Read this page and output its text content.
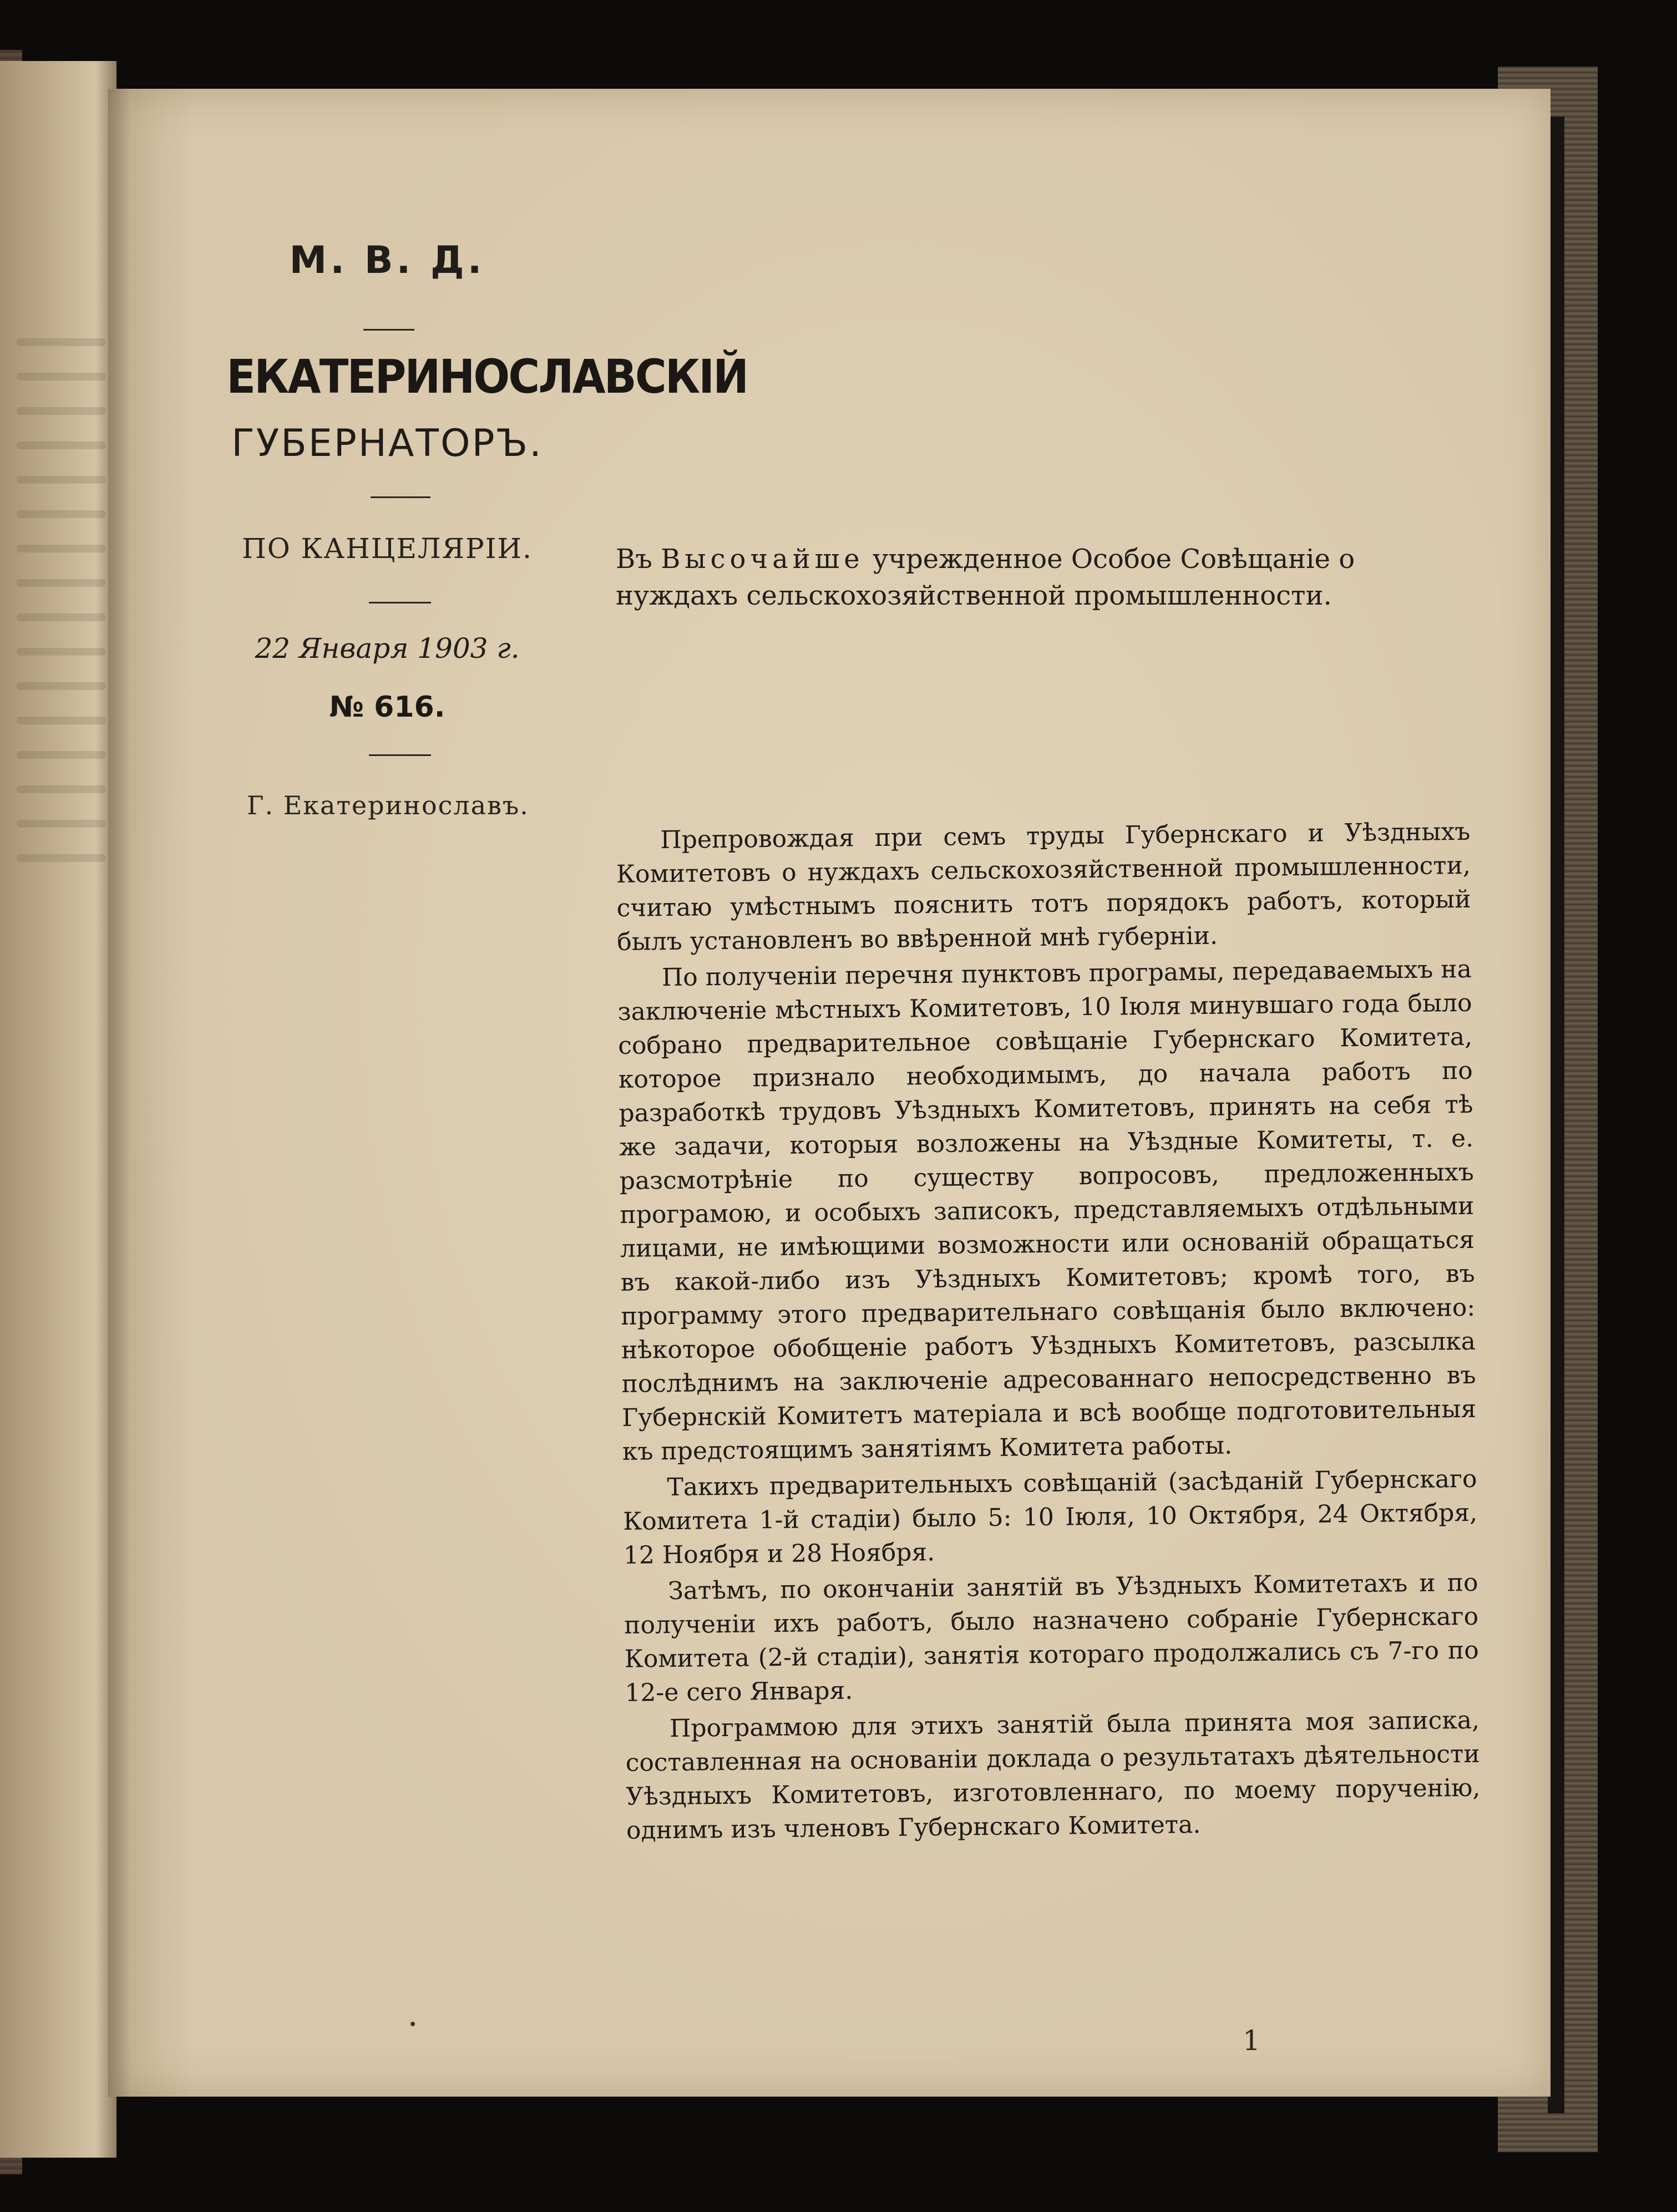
М. В. Д.
ЕКАТЕРИНОСЛАВСКІЙ
ГУБЕРНАТОРЪ.
ПО КАНЦЕЛЯРІИ.
22 Января 1903 г.
№ 616.
Г. Екатеринославъ.
Въ Высочайше учрежденное Особое Совѣщаніе о нуждахъ сельскохозяйственной промышленности.

Препровождая при семъ труды Губернскаго и Уѣздныхъ Комитетовъ о нуждахъ сельскохозяйственной промышленности, считаю умѣстнымъ пояснить тотъ порядокъ работъ, который былъ установленъ во ввѣренной мнѣ губерніи.

По полученіи перечня пунктовъ програмы, передаваемыхъ на заключеніе мѣстныхъ Комитетовъ, 10 Іюля минувшаго года было собрано предварительное совѣщаніе Губернскаго Комитета, которое признало необходимымъ, до начала работъ по разработкѣ трудовъ Уѣздныхъ Комитетовъ, принять на себя тѣ же задачи, которыя возложены на Уѣздные Комитеты, т. е. разсмотрѣніе по существу вопросовъ, предложенныхъ програмою, и особыхъ записокъ, представляемыхъ отдѣльными лицами, не имѣющими возможности или основаній обращаться въ какой-либо изъ Уѣздныхъ Комитетовъ; кромѣ того, въ программу этого предварительнаго совѣщанія было включено: нѣкоторое обобщеніе работъ Уѣздныхъ Комитетовъ, разсылка послѣднимъ на заключеніе адресованнаго непосредственно въ Губернскій Комитетъ матеріала и всѣ вообще подготовительныя къ предстоящимъ занятіямъ Комитета работы.

Такихъ предварительныхъ совѣщаній (засѣданій Губернскаго Комитета 1-й стадіи) было 5: 10 Іюля, 10 Октября, 24 Октября, 12 Ноября и 28 Ноября.

Затѣмъ, по окончаніи занятій въ Уѣздныхъ Комитетахъ и по полученіи ихъ работъ, было назначено собраніе Губернскаго Комитета (2-й стадіи), занятія котораго продолжались съ 7-го по 12-е сего Января.

Программою для этихъ занятій была принята моя записка, составленная на основаніи доклада о результатахъ дѣятельности Уѣздныхъ Комитетовъ, изготовленнаго, по моему порученію, однимъ изъ членовъ Губернскаго Комитета.

1
